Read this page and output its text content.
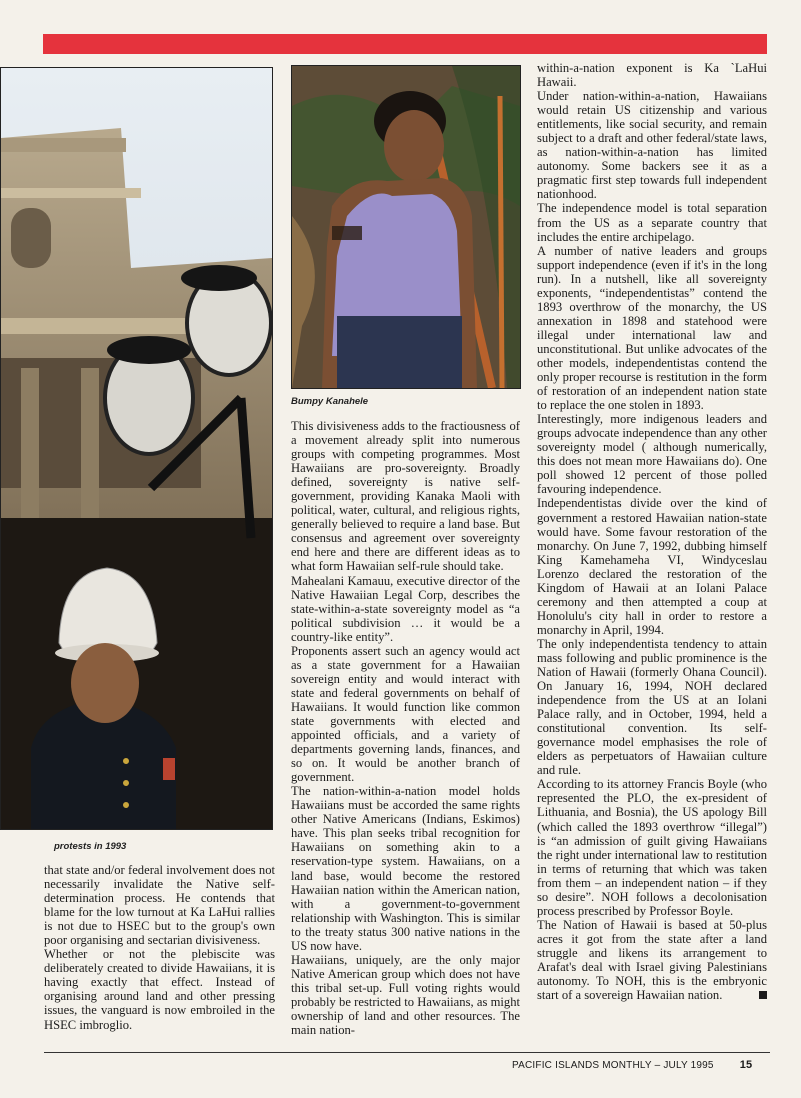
protests in 1993
Bumpy Kanahele

that state and/or federal involvement does not necessarily invalidate the Native self-determination process. He contends that blame for the low turnout at Ka LaHui rallies is not due to HSEC but to the group's own poor organising and sectarian divisiveness.

Whether or not the plebiscite was deliberately created to divide Hawaiians, it is having exactly that effect. Instead of organising around land and other pressing issues, the vanguard is now embroiled in the HSEC imbroglio.

This divisiveness adds to the fractiousness of a movement already split into numerous groups with competing programmes. Most Hawaiians are pro-sovereignty. Broadly defined, sovereignty is native self-government, providing Kanaka Maoli with political, water, cultural, and religious rights, generally believed to require a land base. But consensus and agreement over sovereignty end here and there are different ideas as to what form Hawaiian self-rule should take.

Mahealani Kamauu, executive director of the Native Hawaiian Legal Corp, describes the state-within-a-state sovereignty model as “a political subdivision … it would be a country-like entity”.

Proponents assert such an agency would act as a state government for a Hawaiian sovereign entity and would interact with state and federal governments on behalf of Hawaiians. It would function like common state governments with elected and appointed officials, and a variety of departments governing lands, finances, and so on. It would be another branch of government.

The nation-within-a-nation model holds Hawaiians must be accorded the same rights other Native Americans (Indians, Eskimos) have. This plan seeks tribal recognition for Hawaiians on something akin to a reservation-type system. Hawaiians, on a land base, would become the restored Hawaiian nation within the American nation, with a government-to-government relationship with Washington. This is similar to the treaty status 300 native nations in the US now have.

Hawaiians, uniquely, are the only major Native American group which does not have this tribal set-up. Full voting rights would probably be restricted to Hawaiians, as might ownership of land and other resources. The main nation-

within-a-nation exponent is Ka `LaHui Hawaii.

Under nation-within-a-nation, Hawaiians would retain US citizenship and various entitlements, like social security, and remain subject to a draft and other federal/state laws, as nation-within-a-nation has limited autonomy. Some backers see it as a pragmatic first step towards full independent nationhood.

The independence model is total separation from the US as a separate country that includes the entire archipelago.

A number of native leaders and groups support independence (even if it's in the long run). In a nutshell, like all sovereignty exponents, “independentistas” contend the 1893 overthrow of the monarchy, the US annexation in 1898 and statehood were illegal under international law and unconstitutional. But unlike advocates of the other models, independentistas contend the only proper recourse is restitution in the form of restoration of an independent nation state to replace the one stolen in 1893.

Interestingly, more indigenous leaders and groups advocate independence than any other sovereignty model ( although numerically, this does not mean more Hawaiians do). One poll showed 12 percent of those polled favouring independence.

Independentistas divide over the kind of government a restored Hawaiian nation-state would have. Some favour restoration of the monarchy. On June 7, 1992, dubbing himself King Kamehameha VI, Windyceslau Lorenzo declared the restoration of the Kingdom of Hawaii at an Iolani Palace ceremony and then attempted a coup at Honolulu's city hall in order to restore a monarchy in April, 1994.

The only independentista tendency to attain mass following and public prominence is the Nation of Hawaii (formerly Ohana Council). On January 16, 1994, NOH declared independence from the US at an Iolani Palace rally, and in October, 1994, held a constitutional convention. Its self-governance model emphasises the role of elders as perpetuators of Hawaiian culture and rule.

According to its attorney Francis Boyle (who represented the PLO, the ex-president of Lithuania, and Bosnia), the US apology Bill (which called the 1893 overthrow “illegal”) is “an admission of guilt giving Hawaiians the right under international law to restitution in terms of returning that which was taken from them – an independent nation – if they so desire”. NOH follows a decolonisation process prescribed by Professor Boyle.

The Nation of Hawaii is based at 50-plus acres it got from the state after a land struggle and likens its arrangement to Arafat's deal with Israel giving Palestinians autonomy. To NOH, this is the embryonic start of a sovereign Hawaiian nation.

PACIFIC ISLANDS MONTHLY – JULY 1995 15
